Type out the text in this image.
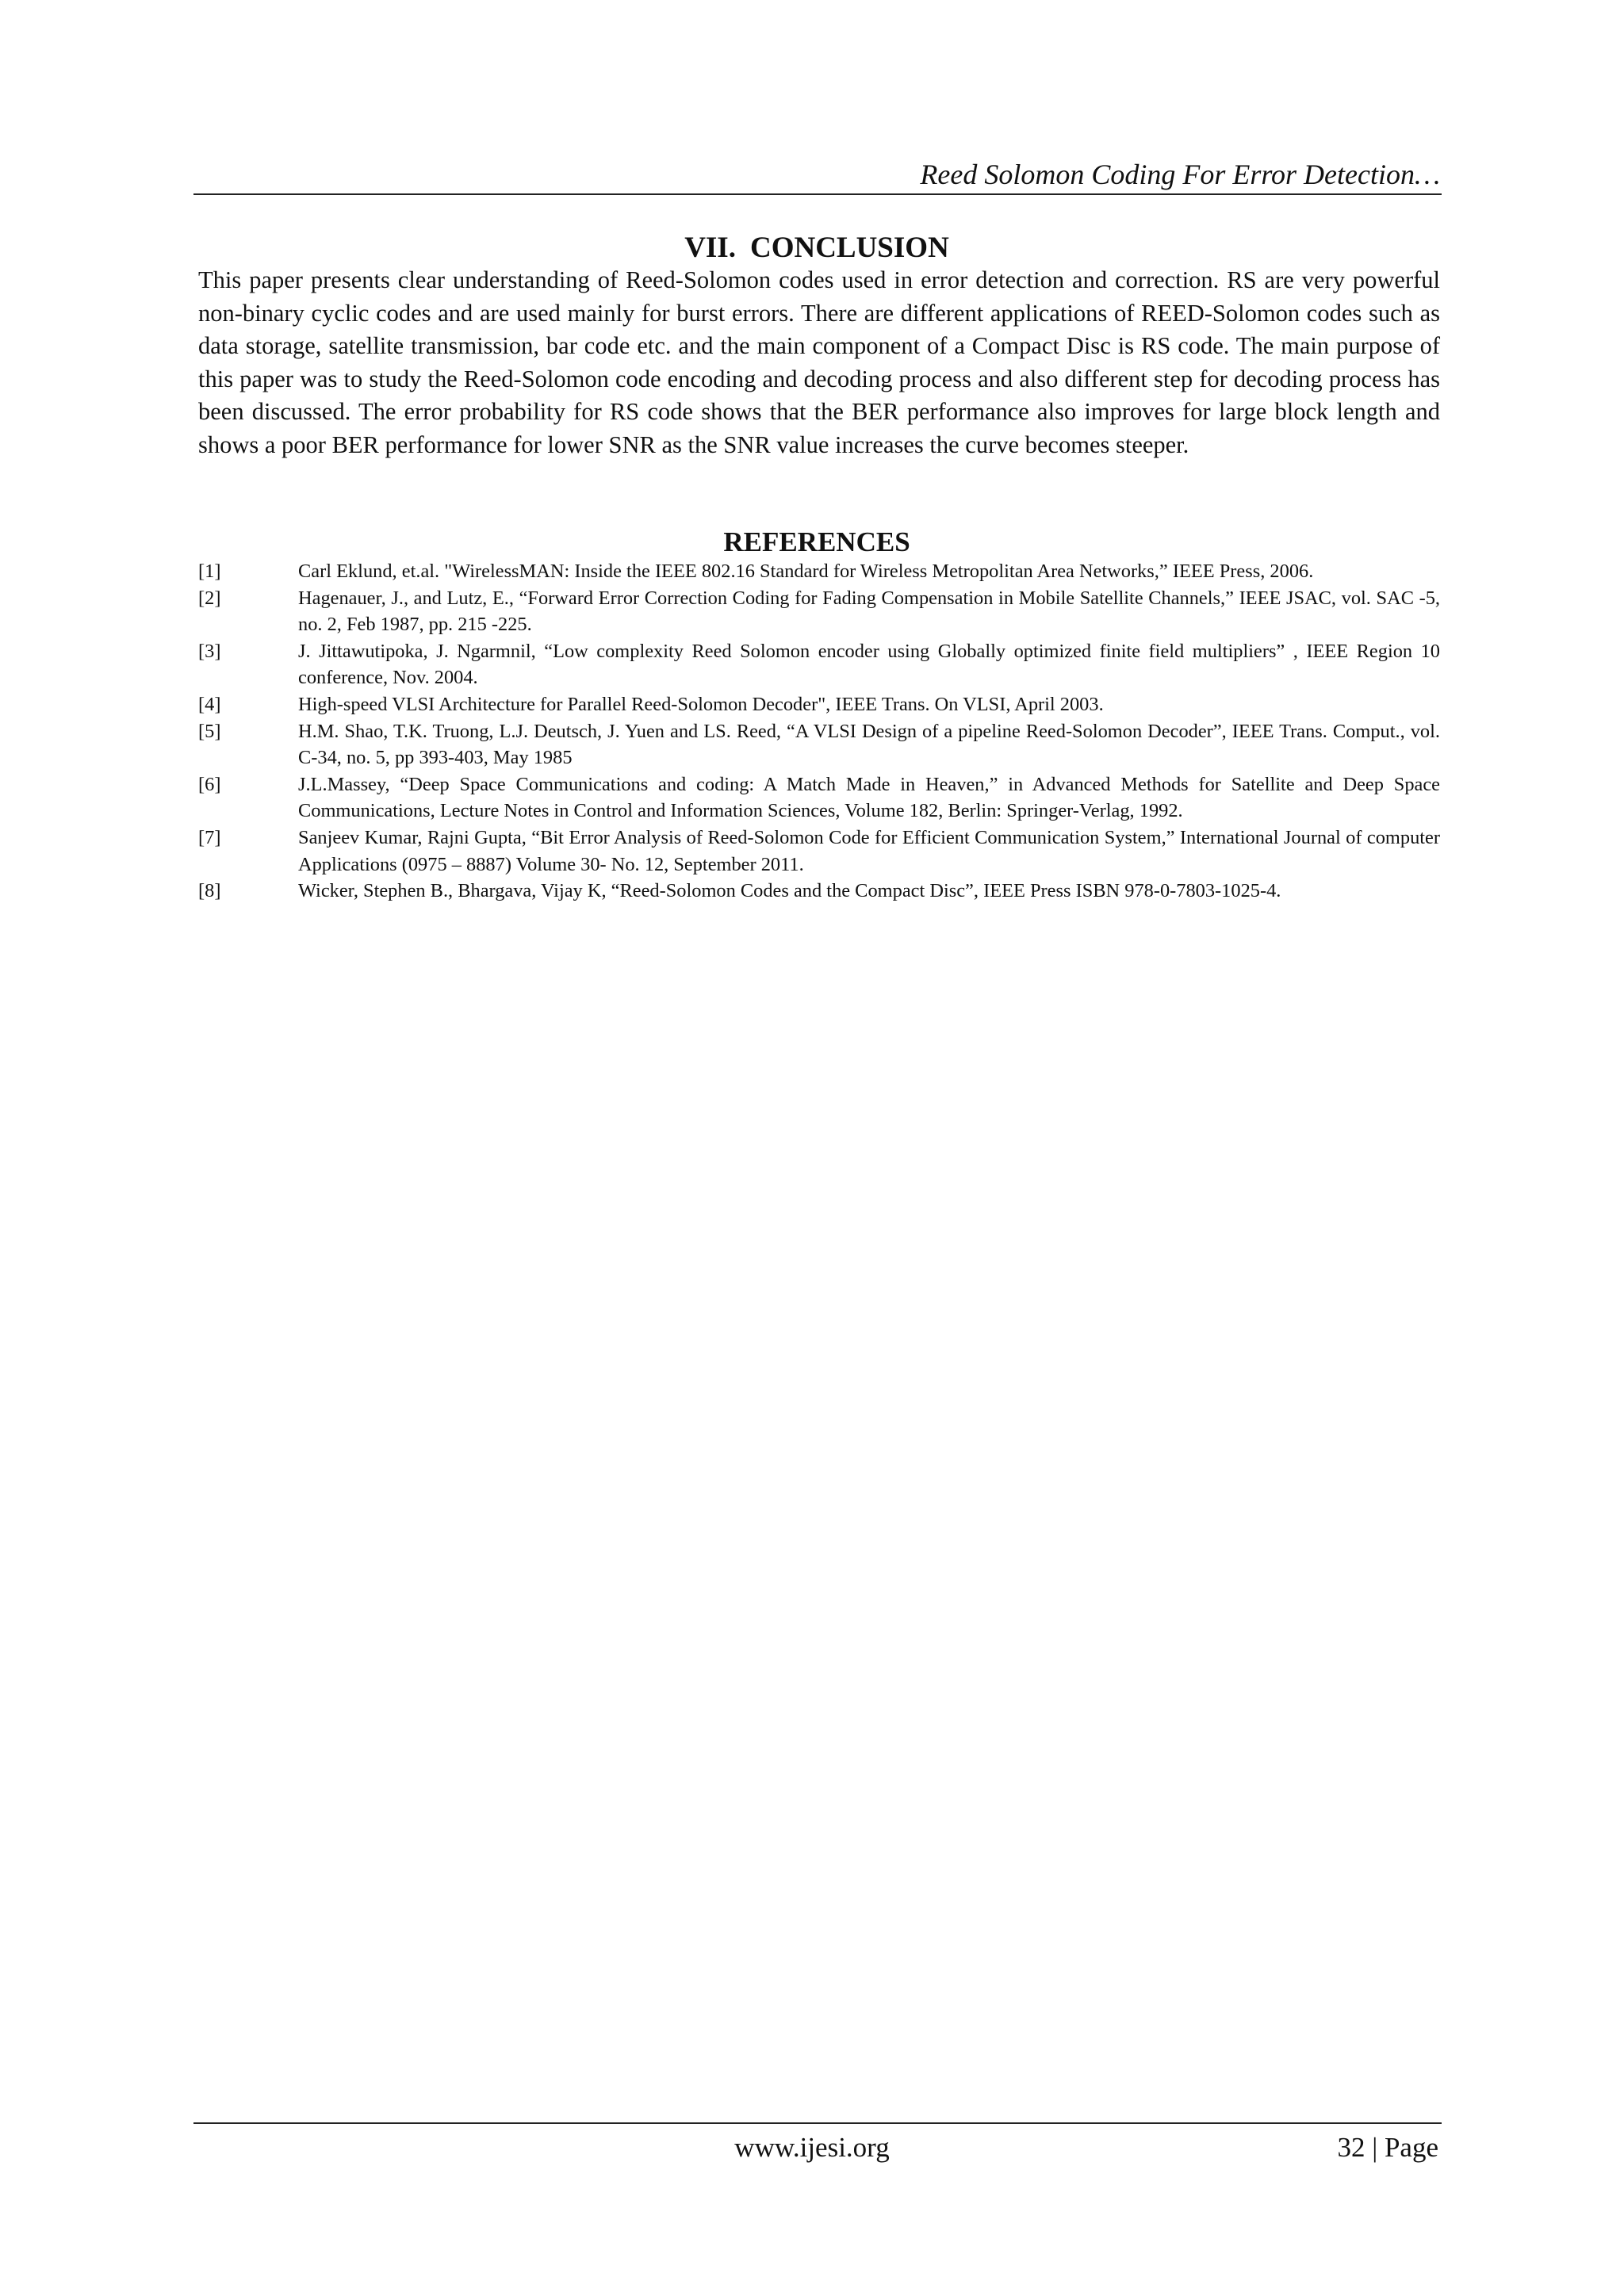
Reed Solomon Coding For Error Detection…
VII. CONCLUSION

This paper presents clear understanding of Reed-Solomon codes used in error detection and correction. RS are very powerful non-binary cyclic codes and are used mainly for burst errors. There are different applications of REED-Solomon codes such as data storage, satellite transmission, bar code etc. and the main component of a Compact Disc is RS code. The main purpose of this paper was to study the Reed-Solomon code encoding and decoding process and also different step for decoding process has been discussed. The error probability for RS code shows that the BER performance also improves for large block length and shows a poor BER performance for lower SNR as the SNR value increases the curve becomes steeper.

REFERENCES
[1]	Carl Eklund, et.al. "WirelessMAN: Inside the IEEE 802.16 Standard for Wireless Metropolitan Area Networks,” IEEE Press, 2006.
[2]	Hagenauer, J., and Lutz, E., “Forward Error Correction Coding for Fading Compensation in Mobile Satellite Channels,” IEEE JSAC, vol. SAC -5, no. 2, Feb 1987, pp. 215 -225.
[3]	J. Jittawutipoka, J. Ngarmnil, “Low complexity Reed Solomon encoder using Globally optimized finite field multipliers” , IEEE Region 10 conference, Nov. 2004.
[4]	High-speed VLSI Architecture for Parallel Reed-Solomon Decoder", IEEE Trans. On VLSI, April 2003.
[5]	H.M. Shao, T.K. Truong, L.J. Deutsch, J. Yuen and LS. Reed, “A VLSI Design of a pipeline Reed-Solomon Decoder”, IEEE Trans. Comput., vol. C-34, no. 5, pp 393-403, May 1985
[6]	J.L.Massey, “Deep Space Communications and coding: A Match Made in Heaven,” in Advanced Methods for Satellite and Deep Space Communications, Lecture Notes in Control and Information Sciences, Volume 182, Berlin: Springer-Verlag, 1992.
[7]	Sanjeev Kumar, Rajni Gupta, “Bit Error Analysis of Reed-Solomon Code for Efficient Communication System,” International Journal of computer Applications (0975 – 8887) Volume 30- No. 12, September 2011.
[8]	Wicker, Stephen B., Bhargava, Vijay K, “Reed-Solomon Codes and the Compact Disc”, IEEE Press ISBN 978-0-7803-1025-4.
www.ijesi.org	32 | Page
